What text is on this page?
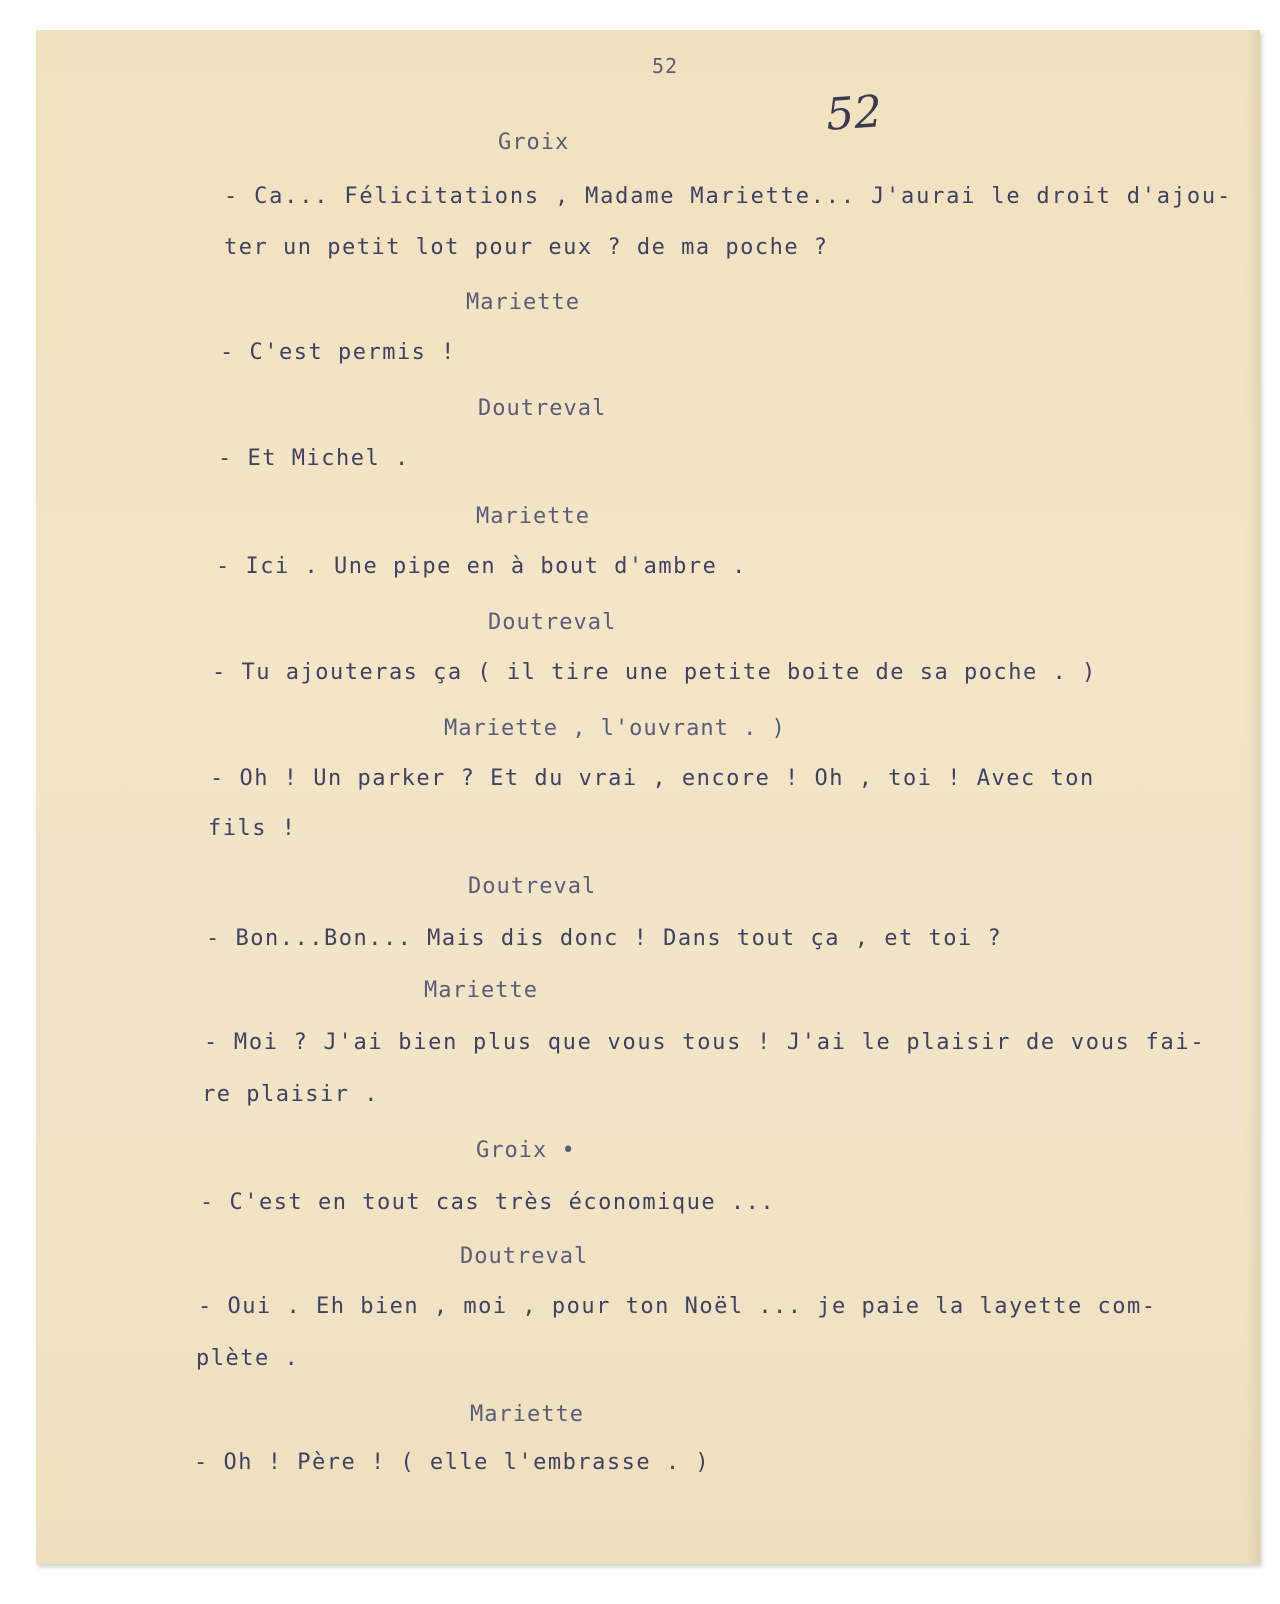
52
52
Groix
- Ca... Félicitations , Madame Mariette... J'aurai le droit d'ajou-
ter un petit lot pour eux ? de ma poche ?
Mariette
- C'est permis !
Doutreval
- Et Michel .
Mariette
- Ici . Une pipe en à bout d'ambre .
Doutreval
- Tu ajouteras ça ( il tire une petite boite de sa poche . )
Mariette , l'ouvrant . )
- Oh ! Un parker ? Et du vrai , encore ! Oh , toi ! Avec ton
fils !
Doutreval
- Bon...Bon... Mais dis donc ! Dans tout ça , et toi ?
Mariette
- Moi ? J'ai bien plus que vous tous ! J'ai le plaisir de vous fai-
re plaisir .
Groix •
- C'est en tout cas très économique ...
Doutreval
- Oui . Eh bien , moi , pour ton Noël ... je paie la layette com-
plète .
Mariette
- Oh ! Père ! ( elle l'embrasse . )
